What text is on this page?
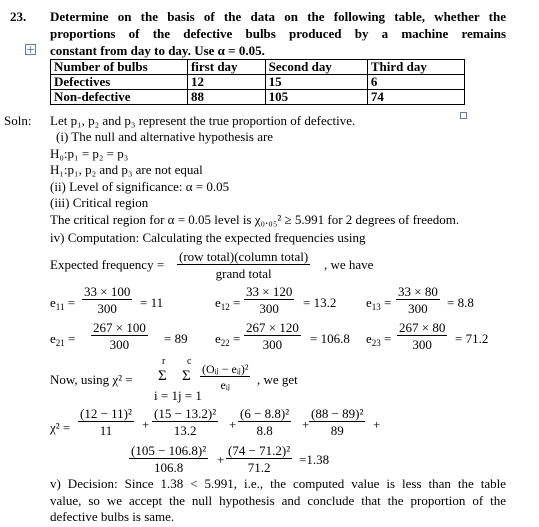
23. Determine on the basis of the data on the following table, whether the
proportions of the defective bulbs produced by a machine remains
constant from day to day. Use α = 0.05.
+
Number of bulbs	first day	Second day	Third day
Defectives	12	15	6
Non-defective	88	105	74
Soln: Let p₁, p₂ and p₃ represent the true proportion of defective.
(i) The null and alternative hypothesis are
H₀:p₁ = p₂ = p₃
H₁:p₁, p₂ and p₃ are not equal
(ii) Level of significance: α = 0.05
(iii) Critical region
The critical region for α = 0.05 level is χ₀.₀₅² ≥ 5.991 for 2 degrees of freedom.
iv) Computation: Calculating the expected frequencies using
Expected frequency =
(row total)(column total)
grand total
, we have
$e_{11} = \frac{33 \times 100}{300} = 11$	$e_{12} = \frac{33 \times 120}{300} = 13.2$ $e_{13} = \frac{33 \times 80}{300} = 8.8$
$e_{21} = \frac{267 \times 100}{300} = 89$ $e_{22} = \frac{267 \times 120}{300} = 106.8$ $e_{23} = \frac{267 \times 80}{300} = 71.2$
Now, using χ² =
r c
Σ Σ
i = 1j = 1
(Oᵢⱼ − eᵢⱼ)²
eᵢⱼ , we get
$\chi^2 = \frac{\text{(12 − 11)²}}{11} + \frac{\text{(15 − 13.2)²}}{13.2} + \frac{\text{(6 − 8.8)²}}{8.8} + \frac{\text{(88 − 89)²}}{89}$ +
$\frac{\text{(105 − 106.8)²}}{106.8} + \frac{\text{(74 − 71.2)²}}{71.2} =1.38$
v) Decision: Since 1.38 < 5.991, i.e., the computed value is less than the table
value, so we accept the null hypothesis and conclude that the proportion of the
defective bulbs is same.
